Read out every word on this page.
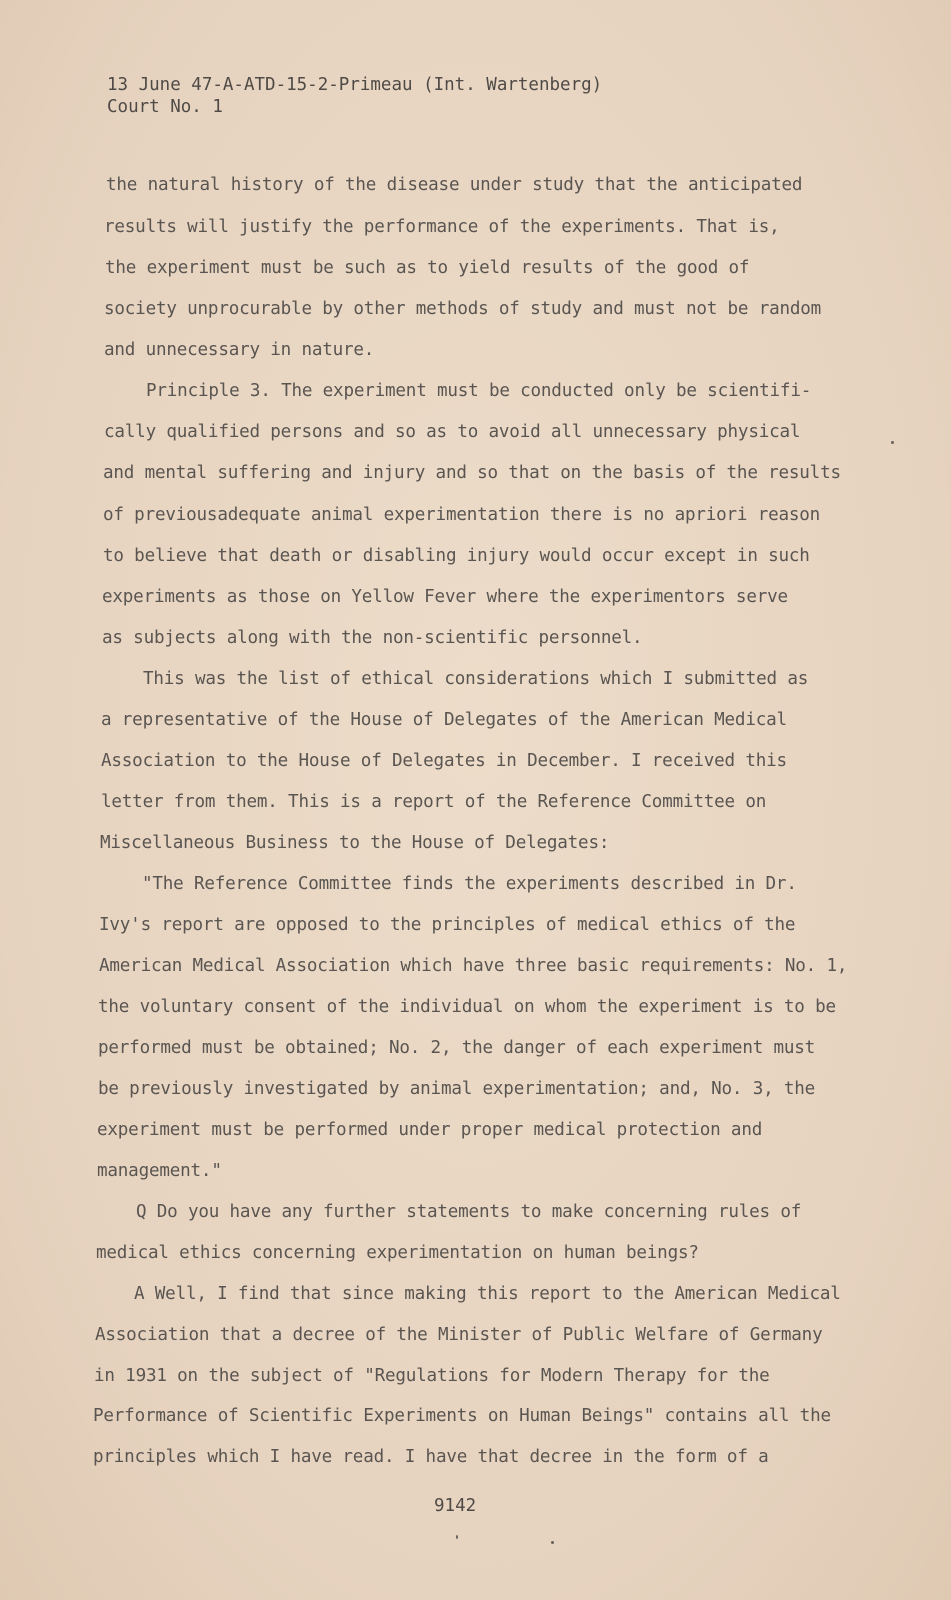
13 June 47-A-ATD-15-2-Primeau (Int. Wartenberg)
Court No. 1
the natural history of the disease under study that the anticipated
results will justify the performance of the experiments. That is,
the experiment must be such as to yield results of the good of
society unprocurable by other methods of study and must not be random
and unnecessary in nature.
Principle 3. The experiment must be conducted only be scientifi-
cally qualified persons and so as to avoid all unnecessary physical
and mental suffering and injury and so that on the basis of the results
of previousadequate animal experimentation there is no apriori reason
to believe that death or disabling injury would occur except in such
experiments as those on Yellow Fever where the experimentors serve
as subjects along with the non-scientific personnel.
This was the list of ethical considerations which I submitted as
a representative of the House of Delegates of the American Medical
Association to the House of Delegates in December. I received this
letter from them. This is a report of the Reference Committee on
Miscellaneous Business to the House of Delegates:
"The Reference Committee finds the experiments described in Dr.
Ivy's report are opposed to the principles of medical ethics of the
American Medical Association which have three basic requirements: No. 1,
the voluntary consent of the individual on whom the experiment is to be
performed must be obtained; No. 2, the danger of each experiment must
be previously investigated by animal experimentation; and, No. 3, the
experiment must be performed under proper medical protection and
management."
Q Do you have any further statements to make concerning rules of
medical ethics concerning experimentation on human beings?
A Well, I find that since making this report to the American Medical
Association that a decree of the Minister of Public Welfare of Germany
in 1931 on the subject of "Regulations for Modern Therapy for the
Performance of Scientific Experiments on Human Beings" contains all the
principles which I have read. I have that decree in the form of a
9142
